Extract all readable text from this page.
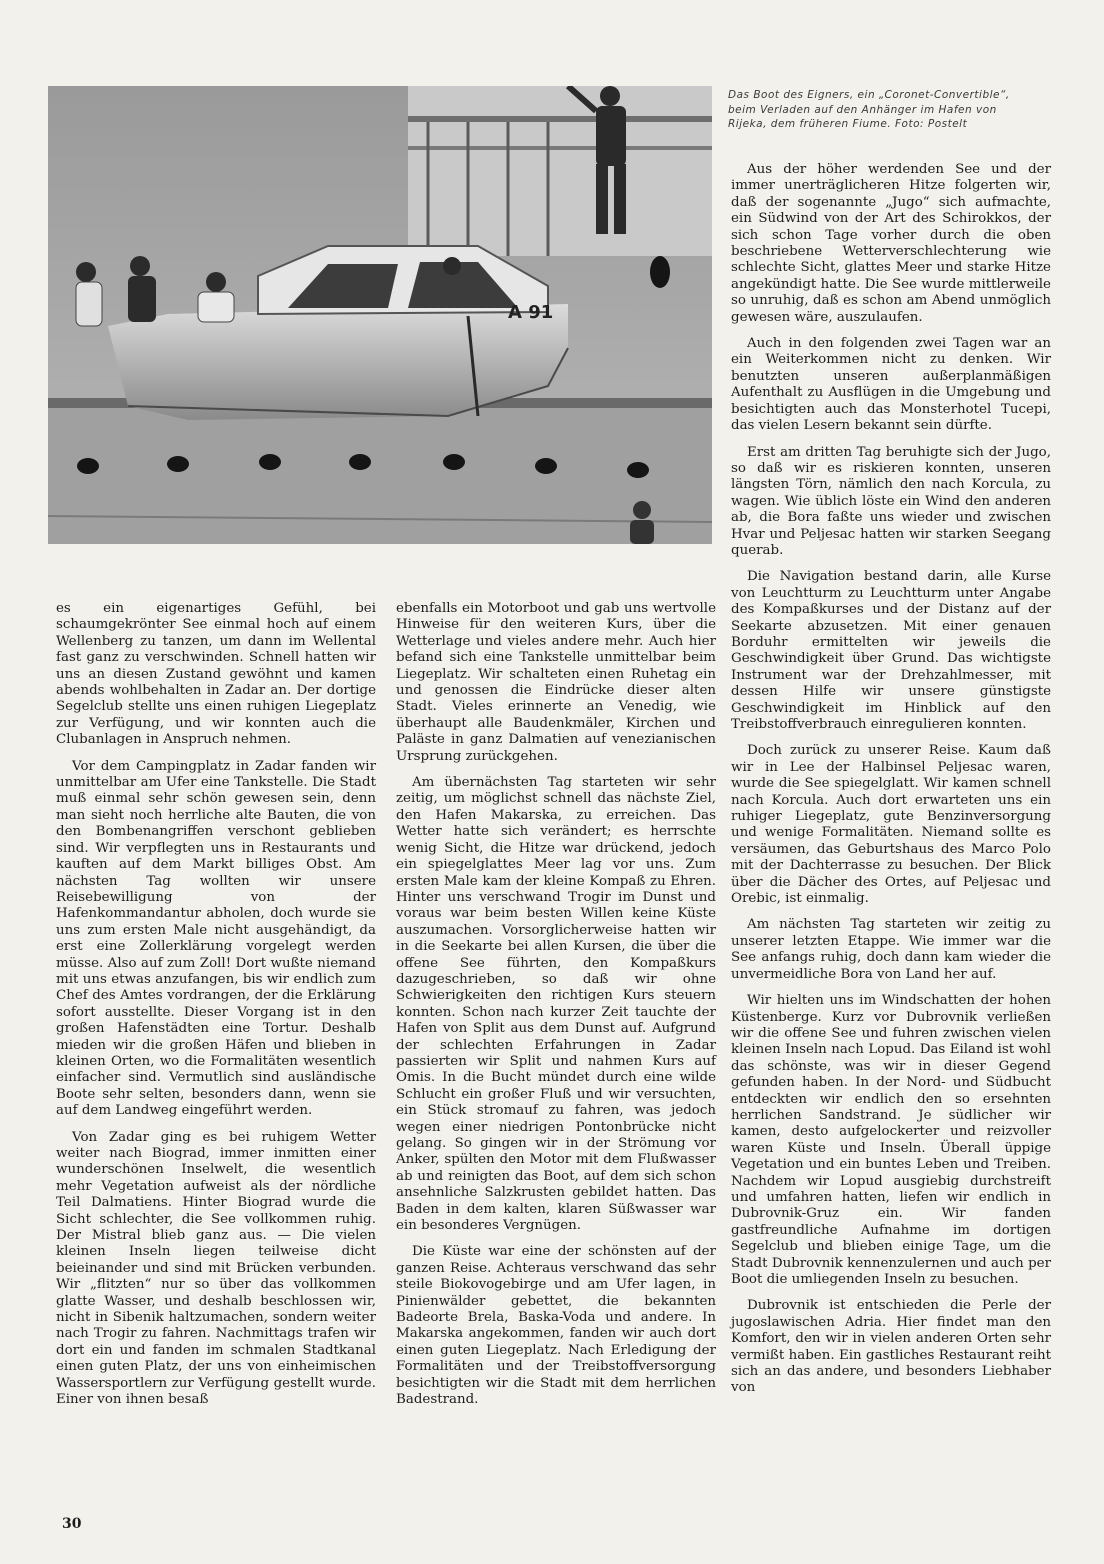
A 91
Das Boot des Eigners, ein „Coronet-Convertible“,
beim Verladen auf den Anhänger im Hafen von
Rijeka, dem früheren Fiume. Foto: Postelt

es ein eigenartiges Gefühl, bei schaumgekrönter See einmal hoch auf einem Wellenberg zu tanzen, um dann im Wellental fast ganz zu verschwinden. Schnell hatten wir uns an diesen Zustand gewöhnt und kamen abends wohlbehalten in Zadar an. Der dortige Segelclub stellte uns einen ruhigen Liegeplatz zur Verfügung, und wir konnten auch die Clubanlagen in Anspruch nehmen.

Vor dem Campingplatz in Zadar fanden wir unmittelbar am Ufer eine Tankstelle. Die Stadt muß einmal sehr schön gewesen sein, denn man sieht noch herrliche alte Bauten, die von den Bombenangriffen verschont geblieben sind. Wir verpflegten uns in Restaurants und kauften auf dem Markt billiges Obst. Am nächsten Tag wollten wir unsere Reisebewilligung von der Hafenkommandantur abholen, doch wurde sie uns zum ersten Male nicht ausgehändigt, da erst eine Zollerklärung vorgelegt werden müsse. Also auf zum Zoll! Dort wußte niemand mit uns etwas anzufangen, bis wir endlich zum Chef des Amtes vordrangen, der die Erklärung sofort ausstellte. Dieser Vorgang ist in den großen Hafenstädten eine Tortur. Deshalb mieden wir die großen Häfen und blieben in kleinen Orten, wo die Formalitäten wesentlich einfacher sind. Vermutlich sind ausländische Boote sehr selten, besonders dann, wenn sie auf dem Landweg eingeführt werden.

Von Zadar ging es bei ruhigem Wetter weiter nach Biograd, immer inmitten einer wunderschönen Inselwelt, die wesentlich mehr Vegetation aufweist als der nördliche Teil Dalmatiens. Hinter Biograd wurde die Sicht schlechter, die See vollkommen ruhig. Der Mistral blieb ganz aus. — Die vielen kleinen Inseln liegen teilweise dicht beieinander und sind mit Brücken verbunden. Wir „flitzten“ nur so über das vollkommen glatte Wasser, und deshalb beschlossen wir, nicht in Sibenik haltzumachen, sondern weiter nach Trogir zu fahren. Nachmittags trafen wir dort ein und fanden im schmalen Stadtkanal einen guten Platz, der uns von einheimischen Wassersportlern zur Verfügung gestellt wurde. Einer von ihnen besaß

ebenfalls ein Motorboot und gab uns wertvolle Hinweise für den weiteren Kurs, über die Wetterlage und vieles andere mehr. Auch hier befand sich eine Tankstelle unmittelbar beim Liegeplatz. Wir schalteten einen Ruhetag ein und genossen die Eindrücke dieser alten Stadt. Vieles erinnerte an Venedig, wie überhaupt alle Baudenkmäler, Kirchen und Paläste in ganz Dalmatien auf venezianischen Ursprung zurückgehen.

Am übernächsten Tag starteten wir sehr zeitig, um möglichst schnell das nächste Ziel, den Hafen Makarska, zu erreichen. Das Wetter hatte sich verändert; es herrschte wenig Sicht, die Hitze war drückend, jedoch ein spiegelglattes Meer lag vor uns. Zum ersten Male kam der kleine Kompaß zu Ehren. Hinter uns verschwand Trogir im Dunst und voraus war beim besten Willen keine Küste auszumachen. Vorsorglicherweise hatten wir in die Seekarte bei allen Kursen, die über die offene See führten, den Kompaßkurs dazugeschrieben, so daß wir ohne Schwierigkeiten den richtigen Kurs steuern konnten. Schon nach kurzer Zeit tauchte der Hafen von Split aus dem Dunst auf. Aufgrund der schlechten Erfahrungen in Zadar passierten wir Split und nahmen Kurs auf Omis. In die Bucht mündet durch eine wilde Schlucht ein großer Fluß und wir versuchten, ein Stück stromauf zu fahren, was jedoch wegen einer niedrigen Pontonbrücke nicht gelang. So gingen wir in der Strömung vor Anker, spülten den Motor mit dem Flußwasser ab und reinigten das Boot, auf dem sich schon ansehnliche Salzkrusten gebildet hatten. Das Baden in dem kalten, klaren Süßwasser war ein besonderes Vergnügen.

Die Küste war eine der schönsten auf der ganzen Reise. Achteraus verschwand das sehr steile Biokovogebirge und am Ufer lagen, in Pinienwälder gebettet, die bekannten Badeorte Brela, Baska-Voda und andere. In Makarska angekommen, fanden wir auch dort einen guten Liegeplatz. Nach Erledigung der Formalitäten und der Treibstoffversorgung besichtigten wir die Stadt mit dem herrlichen Badestrand.

Aus der höher werdenden See und der immer unerträglicheren Hitze folgerten wir, daß der sogenannte „Jugo“ sich aufmachte, ein Südwind von der Art des Schirokkos, der sich schon Tage vorher durch die oben beschriebene Wetterverschlechterung wie schlechte Sicht, glattes Meer und starke Hitze angekündigt hatte. Die See wurde mittlerweile so unruhig, daß es schon am Abend unmöglich gewesen wäre, auszulaufen.

Auch in den folgenden zwei Tagen war an ein Weiterkommen nicht zu denken. Wir benutzten unseren außerplanmäßigen Aufenthalt zu Ausflügen in die Umgebung und besichtigten auch das Monsterhotel Tucepi, das vielen Lesern bekannt sein dürfte.

Erst am dritten Tag beruhigte sich der Jugo, so daß wir es riskieren konnten, unseren längsten Törn, nämlich den nach Korcula, zu wagen. Wie üblich löste ein Wind den anderen ab, die Bora faßte uns wieder und zwischen Hvar und Peljesac hatten wir starken Seegang querab.

Die Navigation bestand darin, alle Kurse von Leuchtturm zu Leuchtturm unter Angabe des Kompaßkurses und der Distanz auf der Seekarte abzusetzen. Mit einer genauen Borduhr ermittelten wir jeweils die Geschwindigkeit über Grund. Das wichtigste Instrument war der Drehzahlmesser, mit dessen Hilfe wir unsere günstigste Geschwindigkeit im Hinblick auf den Treibstoffverbrauch einregulieren konnten.

Doch zurück zu unserer Reise. Kaum daß wir in Lee der Halbinsel Peljesac waren, wurde die See spiegelglatt. Wir kamen schnell nach Korcula. Auch dort erwarteten uns ein ruhiger Liegeplatz, gute Benzinversorgung und wenige Formalitäten. Niemand sollte es versäumen, das Geburtshaus des Marco Polo mit der Dachterrasse zu besuchen. Der Blick über die Dächer des Ortes, auf Peljesac und Orebic, ist einmalig.

Am nächsten Tag starteten wir zeitig zu unserer letzten Etappe. Wie immer war die See anfangs ruhig, doch dann kam wieder die unvermeidliche Bora von Land her auf.

Wir hielten uns im Windschatten der hohen Küstenberge. Kurz vor Dubrovnik verließen wir die offene See und fuhren zwischen vielen kleinen Inseln nach Lopud. Das Eiland ist wohl das schönste, was wir in dieser Gegend gefunden haben. In der Nord- und Südbucht entdeckten wir endlich den so ersehnten herrlichen Sandstrand. Je südlicher wir kamen, desto aufgelockerter und reizvoller waren Küste und Inseln. Überall üppige Vegetation und ein buntes Leben und Treiben. Nachdem wir Lopud ausgiebig durchstreift und umfahren hatten, liefen wir endlich in Dubrovnik-Gruz ein. Wir fanden gastfreundliche Aufnahme im dortigen Segelclub und blieben einige Tage, um die Stadt Dubrovnik kennenzulernen und auch per Boot die umliegenden Inseln zu besuchen.

Dubrovnik ist entschieden die Perle der jugoslawischen Adria. Hier findet man den Komfort, den wir in vielen anderen Orten sehr vermißt haben. Ein gastliches Restaurant reiht sich an das andere, und besonders Liebhaber von

30
